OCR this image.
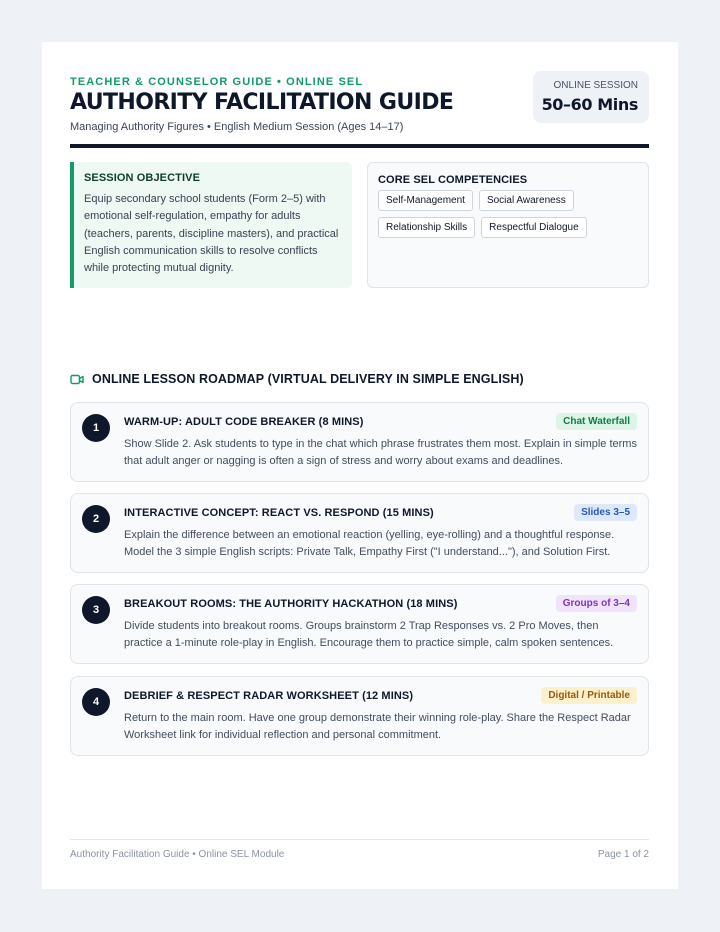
TEACHER & COUNSELOR GUIDE • ONLINE SEL
AUTHORITY FACILITATION GUIDE
Managing Authority Figures • English Medium Session (Ages 14–17)
ONLINE SESSION
50–60 Mins
SESSION OBJECTIVE

Equip secondary school students (Form 2–5) with emotional self-regulation, empathy for adults (teachers, parents, discipline masters), and practical English communication skills to resolve conflicts while protecting mutual dignity.

CORE SEL COMPETENCIES
Self-Management	Social Awareness
Relationship Skills	Respectful Dialogue
ONLINE LESSON ROADMAP (VIRTUAL DELIVERY IN SIMPLE ENGLISH)
1	WARM-UP: ADULT CODE BREAKER (8 MINS)	Chat Waterfall

Show Slide 2. Ask students to type in the chat which phrase frustrates them most. Explain in simple terms that adult anger or nagging is often a sign of stress and worry about exams and deadlines.

2	INTERACTIVE CONCEPT: REACT VS. RESPOND (15 MINS)	Slides 3–5

Explain the difference between an emotional reaction (yelling, eye-rolling) and a thoughtful response. Model the 3 simple English scripts: Private Talk, Empathy First ("I understand..."), and Solution First.

3	BREAKOUT ROOMS: THE AUTHORITY HACKATHON (18 MINS)	Groups of 3–4

Divide students into breakout rooms. Groups brainstorm 2 Trap Responses vs. 2 Pro Moves, then practice a 1-minute role-play in English. Encourage them to practice simple, calm spoken sentences.

4	DEBRIEF & RESPECT RADAR WORKSHEET (12 MINS)	Digital / Printable

Return to the main room. Have one group demonstrate their winning role-play. Share the Respect Radar Worksheet link for individual reflection and personal commitment.

Authority Facilitation Guide • Online SEL Module	Page 1 of 2
